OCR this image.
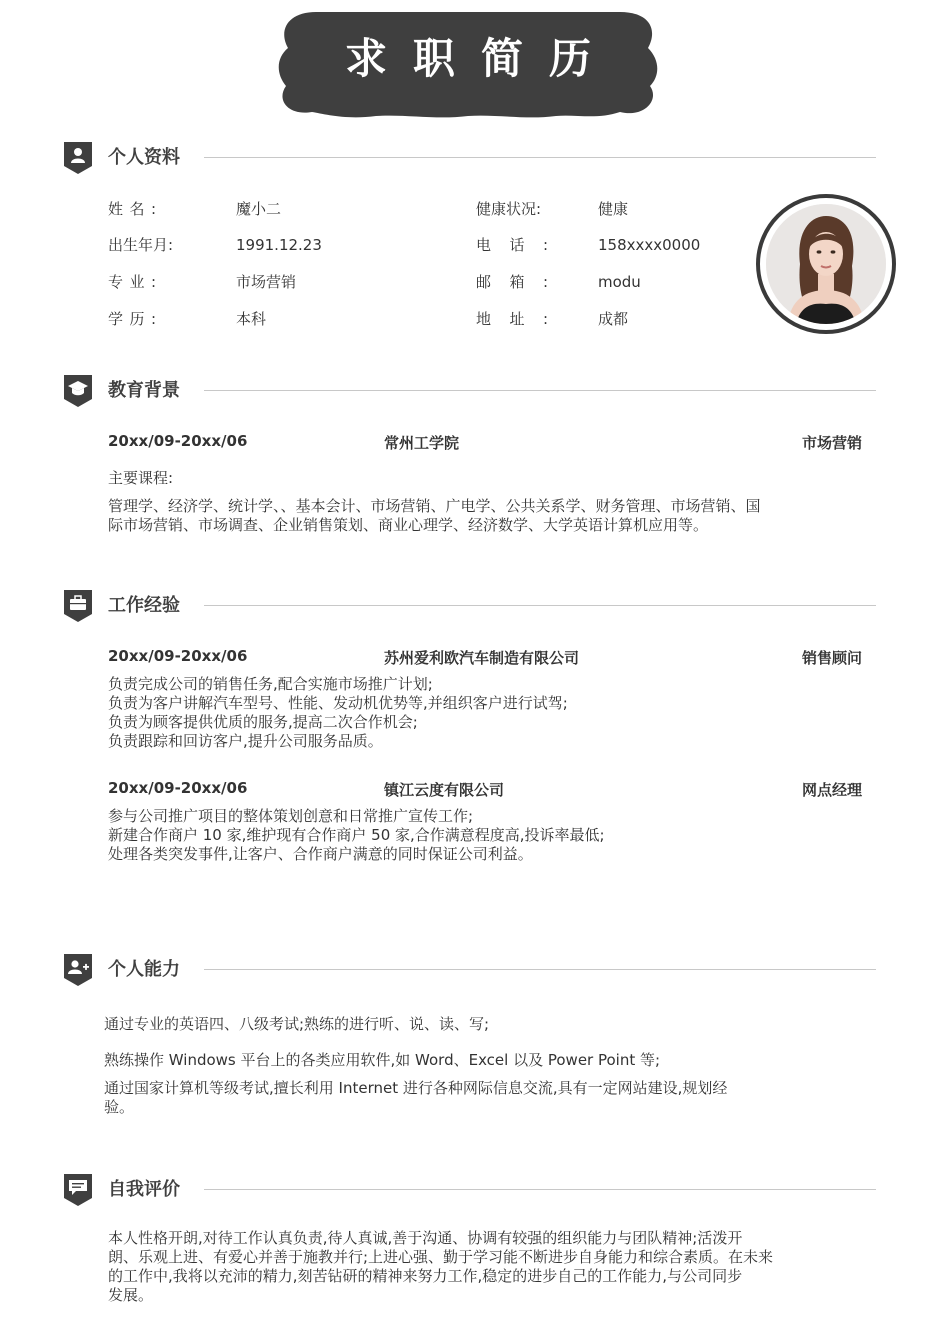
求职简历
个人资料
姓名:	魔小二
出生年月:	1991.12.23
专业:	市场营销
学历:	本科
健康状况:	健康
电话:	158xxxx0000
邮箱:	modu
地址:	成都
教育背景
20xx/09-20xx/06	常州工学院	市场营销
主要课程:
管理学、经济学、统计学、、基本会计、市场营销、广电学、公共关系学、财务管理、市场营销、国
际市场营销、市场调查、企业销售策划、商业心理学、经济数学、大学英语计算机应用等。
工作经验
20xx/09-20xx/06	苏州爱利欧汽车制造有限公司	销售顾问
负责完成公司的销售任务,配合实施市场推广计划;
负责为客户讲解汽车型号、性能、发动机优势等,并组织客户进行试驾;
负责为顾客提供优质的服务,提高二次合作机会;
负责跟踪和回访客户,提升公司服务品质。
20xx/09-20xx/06	镇江云度有限公司	网点经理
参与公司推广项目的整体策划创意和日常推广宣传工作;
新建合作商户 10 家,维护现有合作商户 50 家,合作满意程度高,投诉率最低;
处理各类突发事件,让客户、合作商户满意的同时保证公司利益。
个人能力
通过专业的英语四、八级考试;熟练的进行听、说、读、写;
熟练操作 Windows 平台上的各类应用软件,如 Word、Excel 以及 Power Point 等;
通过国家计算机等级考试,擅长利用 Internet 进行各种网际信息交流,具有一定网站建设,规划经
验。
自我评价
本人性格开朗,对待工作认真负责,待人真诚,善于沟通、协调有较强的组织能力与团队精神;活泼开
朗、乐观上进、有爱心并善于施教并行;上进心强、勤于学习能不断进步自身能力和综合素质。在未来
的工作中,我将以充沛的精力,刻苦钻研的精神来努力工作,稳定的进步自己的工作能力,与公司同步
发展。
